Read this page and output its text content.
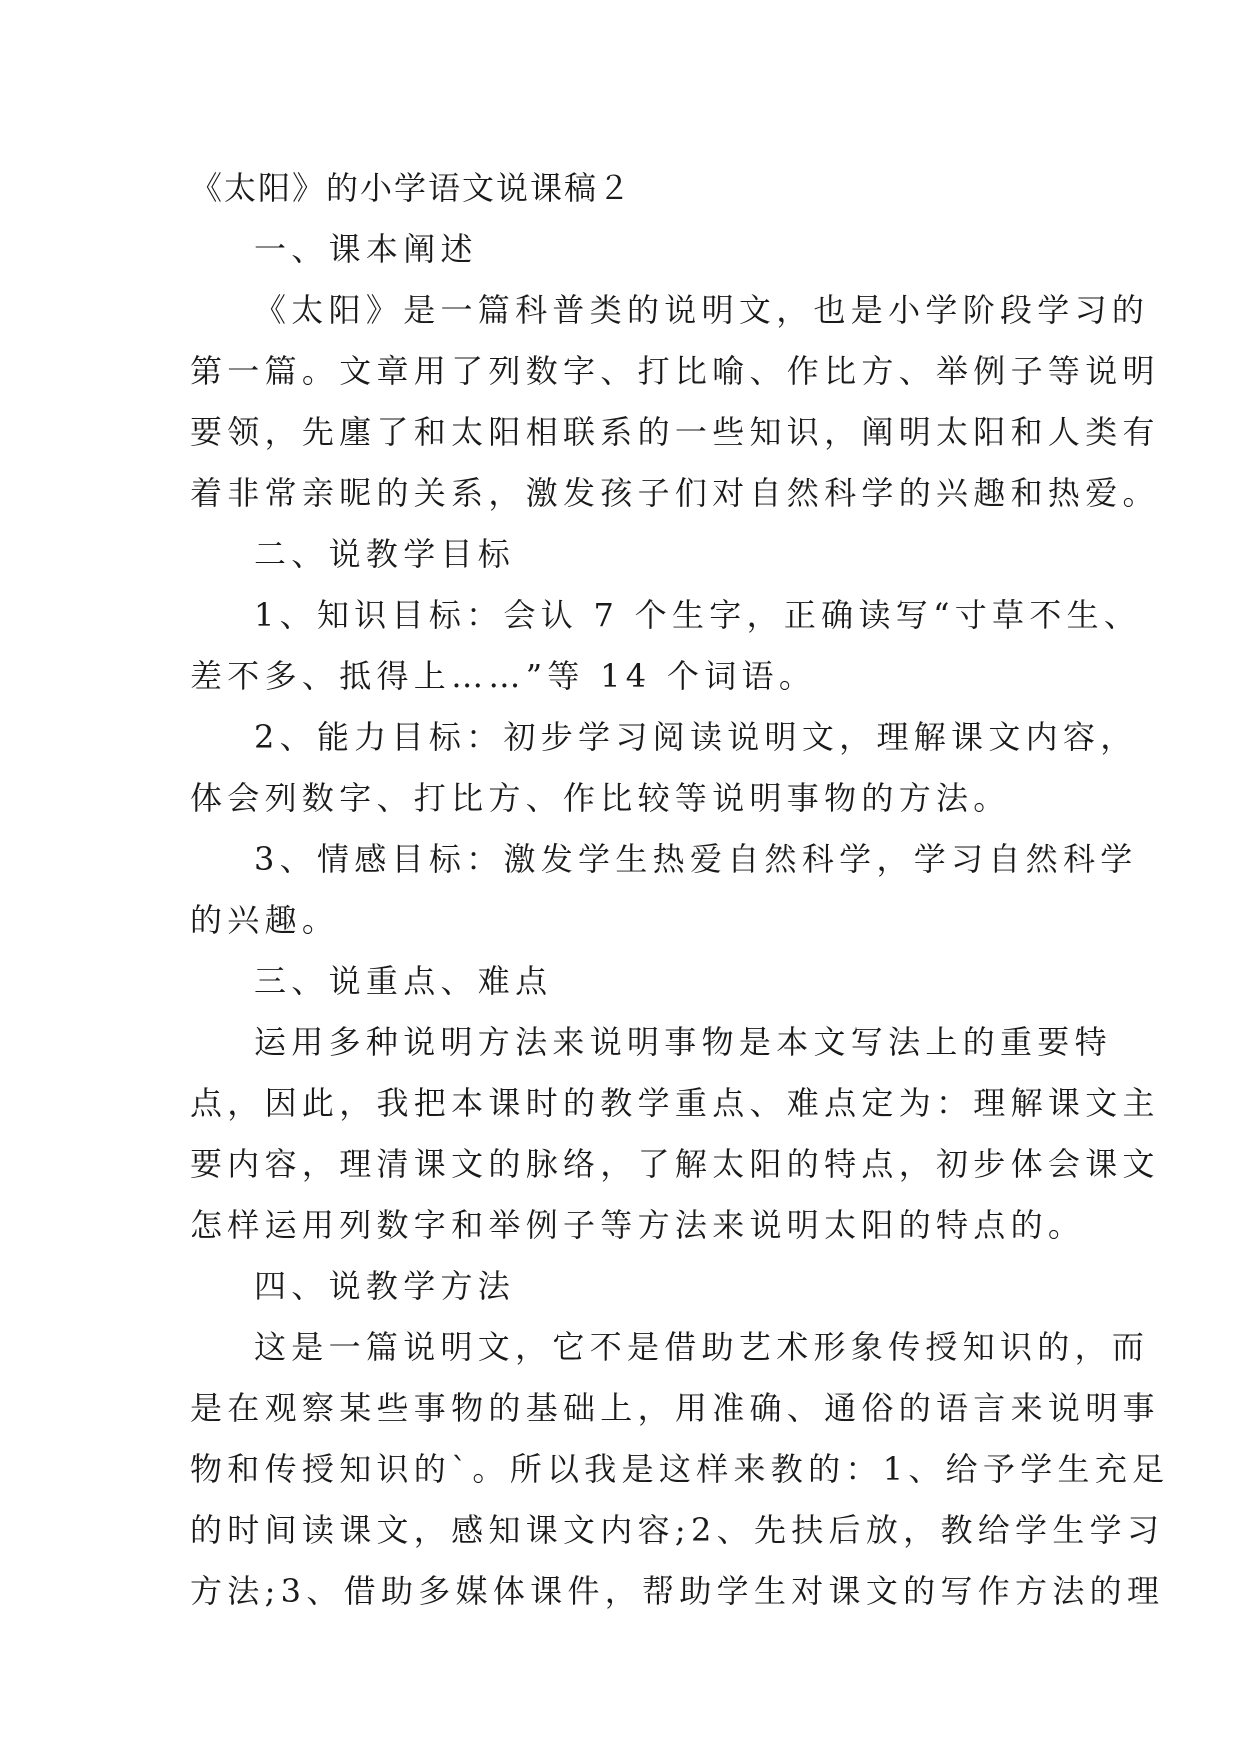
《太阳》的小学语文说课稿２
一、课本阐述
《太阳》是一篇科普类的说明文，也是小学阶段学习的
第一篇。文章用了列数字、打比喻、作比方、举例子等说明
要领，先廛了和太阳相联系的一些知识，阐明太阳和人类有
着非常亲昵的关系，激发孩子们对自然科学的兴趣和热爱。
二、说教学目标
1、知识目标：会认 7 个生字，正确读写“寸草不生、
差不多、抵得上……”等 14 个词语。
2、能力目标：初步学习阅读说明文，理解课文内容，
体会列数字、打比方、作比较等说明事物的方法。
3、情感目标：激发学生热爱自然科学，学习自然科学
的兴趣。
三、说重点、难点
运用多种说明方法来说明事物是本文写法上的重要特
点，因此，我把本课时的教学重点、难点定为：理解课文主
要内容，理清课文的脉络，了解太阳的特点，初步体会课文
怎样运用列数字和举例子等方法来说明太阳的特点的。
四、说教学方法
这是一篇说明文，它不是借助艺术形象传授知识的，而
是在观察某些事物的基础上，用准确、通俗的语言来说明事
物和传授知识的`。所以我是这样来教的：1、给予学生充足
的时间读课文，感知课文内容;2、先扶后放，教给学生学习
方法;3、借助多媒体课件，帮助学生对课文的写作方法的理
